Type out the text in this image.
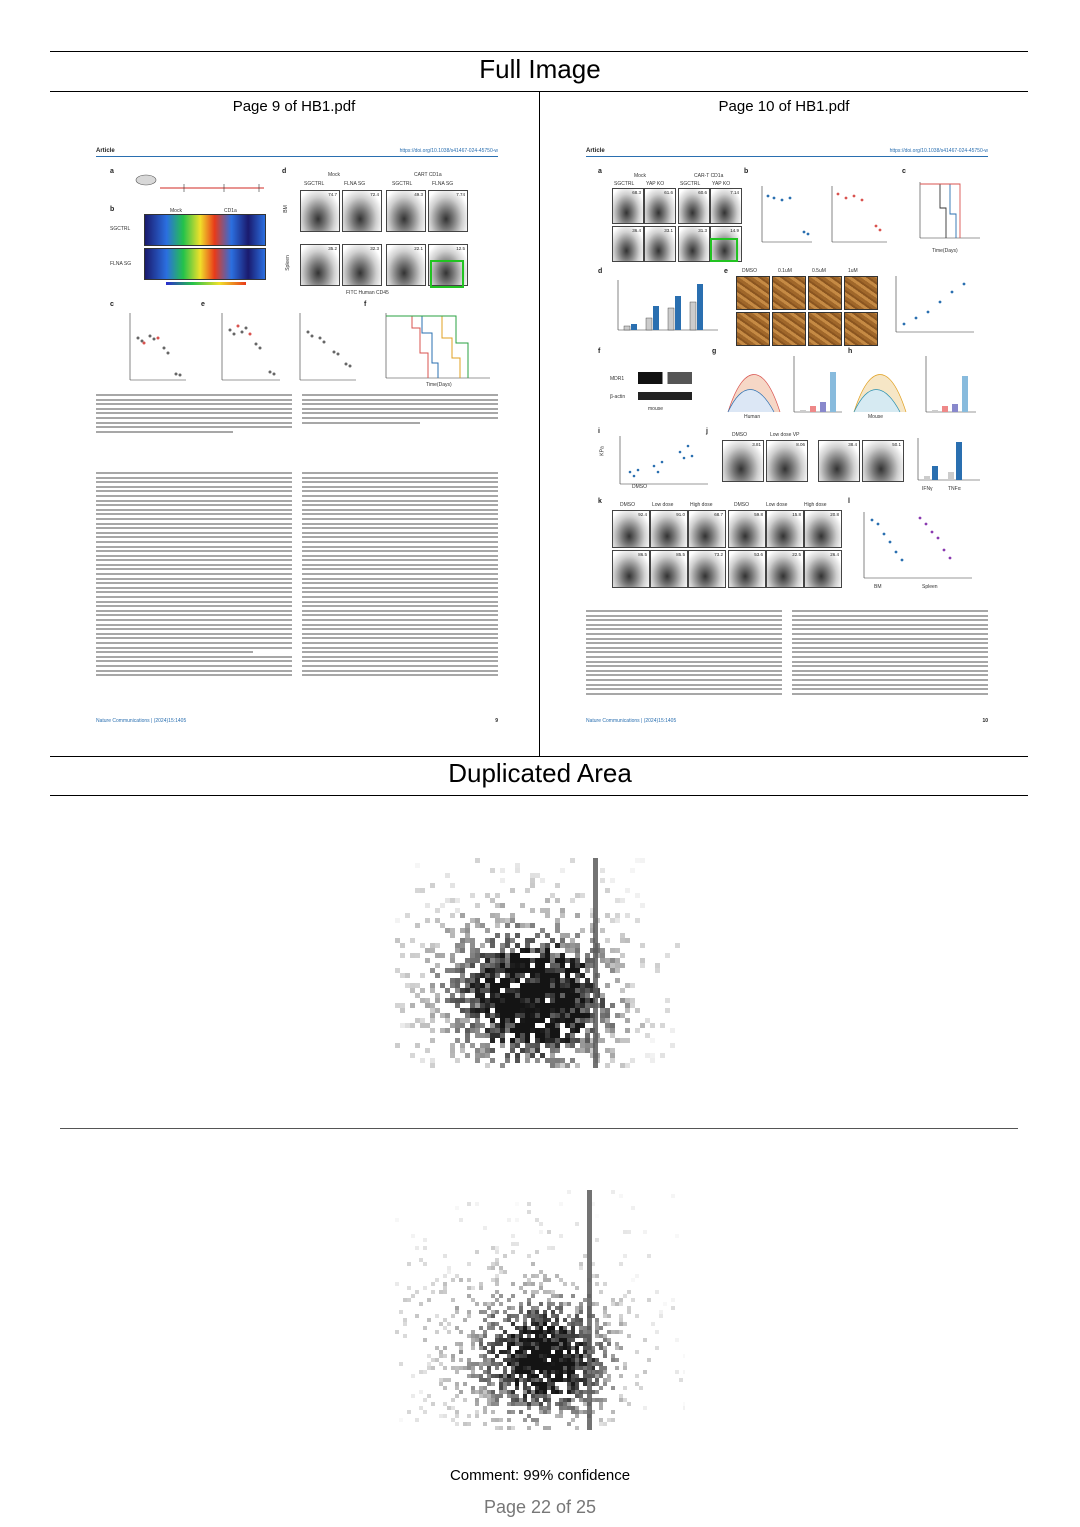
Full Image
Page 9 of HB1.pdf	Page 10 of HB1.pdf
Article	https://doi.org/10.1038/s41467-024-45750-w
a
b	Mock	CD1a
SGCTRL
FLNA SG
c	e
d	Mock	CART CD1a
SGCTRL	FLNA SG	SGCTRL	FLNA SG
BM
Spleen
74.7	72.4	49.3	7.74
35.2	32.3	22.1	12.5
FITC Human CD45
f
Time(Days)
Nature Communications | (2024)15:1405	9
Article	https://doi.org/10.1038/s41467-024-45750-w
a
Mock	CAR-T CD1a
SGCTRL YAP KO	SGCTRL YAP KO
68.3	61.6	60.6	7.14
36.4	33.1	31.3	14.9
b	c
Time(Days)
d	e	DMSO	0.1uM	0.5uM	1uM
f
MDR1
β-actin
mouse
g
Human
h
Mouse
i
KPa
DMSO
j	DMSO	Low dose VP
3.81	8.06	38.4	50.1
IFNγ	TNFα
k	DMSO	Low dose	High dose	DMSO	Low dose	High dose
92.4	91.0	68.7	59.8	15.8	20.8
86.5	85.5	73.2	53.6	22.5	26.4
l
BM	Spleen
Nature Communications | (2024)15:1405	10
Duplicated Area
Comment: 99% confidence
Page 22 of 25
